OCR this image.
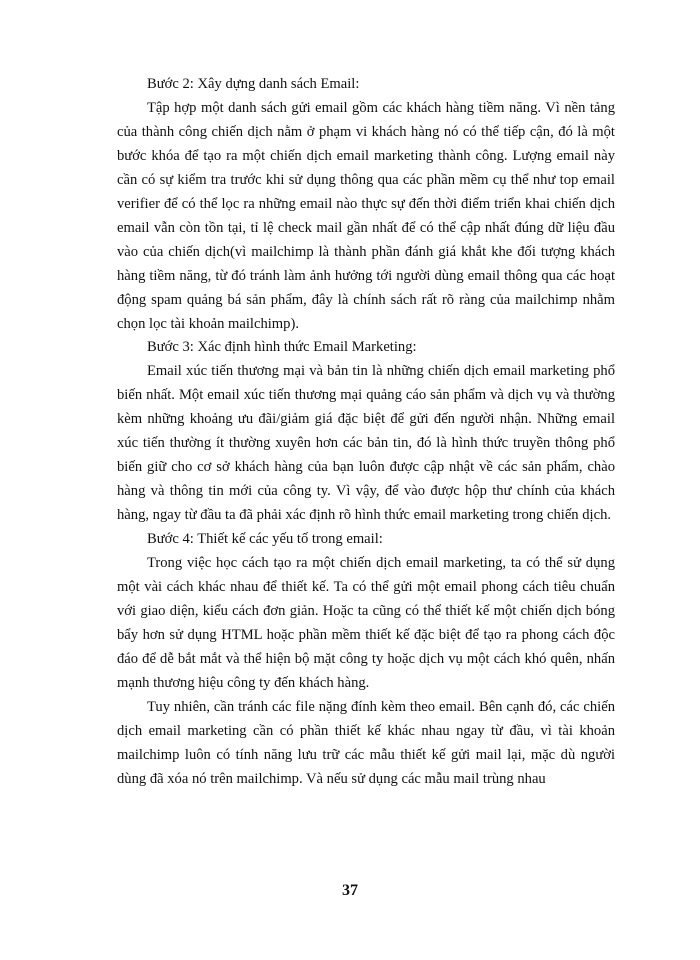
Bước 2: Xây dựng danh sách Email:

Tập hợp một danh sách gửi email gồm các khách hàng tiềm năng. Vì nền tảng của thành công chiến dịch nằm ở phạm vi khách hàng nó có thể tiếp cận, đó là một bước khóa để tạo ra một chiến dịch email marketing thành công. Lượng email này cần có sự kiểm tra trước khi sử dụng thông qua các phần mềm cụ thể như top email verifier để có thể lọc ra những email nào thực sự đến thời điểm triển khai chiến dịch email vẫn còn tồn tại, tỉ lệ check mail gần nhất để có thể cập nhất đúng dữ liệu đầu vào của chiến dịch(vì mailchimp là thành phần đánh giá khắt khe đối tượng khách hàng tiềm năng, từ đó tránh làm ảnh hưởng tới người dùng email thông qua các hoạt động spam quảng bá sản phẩm, đây là chính sách rất rõ ràng của mailchimp nhằm chọn lọc tài khoản mailchimp).

Bước 3: Xác định hình thức Email Marketing:

Email xúc tiến thương mại và bản tin là những chiến dịch email marketing phổ biến nhất. Một email xúc tiến thương mại quảng cáo sản phẩm và dịch vụ và thường kèm những khoảng ưu đãi/giảm giá đặc biệt để gửi đến người nhận. Những email xúc tiến thường ít thường xuyên hơn các bản tin, đó là hình thức truyền thông phổ biến giữ cho cơ sở khách hàng của bạn luôn được cập nhật về các sản phẩm, chào hàng và thông tin mới của công ty. Vì vậy, để vào được hộp thư chính của khách hàng, ngay từ đầu ta đã phải xác định rõ hình thức email marketing trong chiến dịch.

Bước 4: Thiết kế các yếu tố trong email:

Trong việc học cách tạo ra một chiến dịch email marketing, ta có thể sử dụng một vài cách khác nhau để thiết kế. Ta có thể gửi một email phong cách tiêu chuẩn với giao diện, kiểu cách đơn giản. Hoặc ta cũng có thể thiết kế một chiến dịch bóng bẩy hơn sử dụng HTML hoặc phần mềm thiết kế đặc biệt để tạo ra phong cách độc đáo để dễ bắt mắt và thể hiện bộ mặt công ty hoặc dịch vụ một cách khó quên, nhấn mạnh thương hiệu công ty đến khách hàng.

Tuy nhiên, cần tránh các file nặng đính kèm theo email. Bên cạnh đó, các chiến dịch email marketing cần có phần thiết kế khác nhau ngay từ đầu, vì tài khoản mailchimp luôn có tính năng lưu trữ các mẫu thiết kế gửi mail lại, mặc dù người dùng đã xóa nó trên mailchimp. Và nếu sử dụng các mẫu mail trùng nhau

37
